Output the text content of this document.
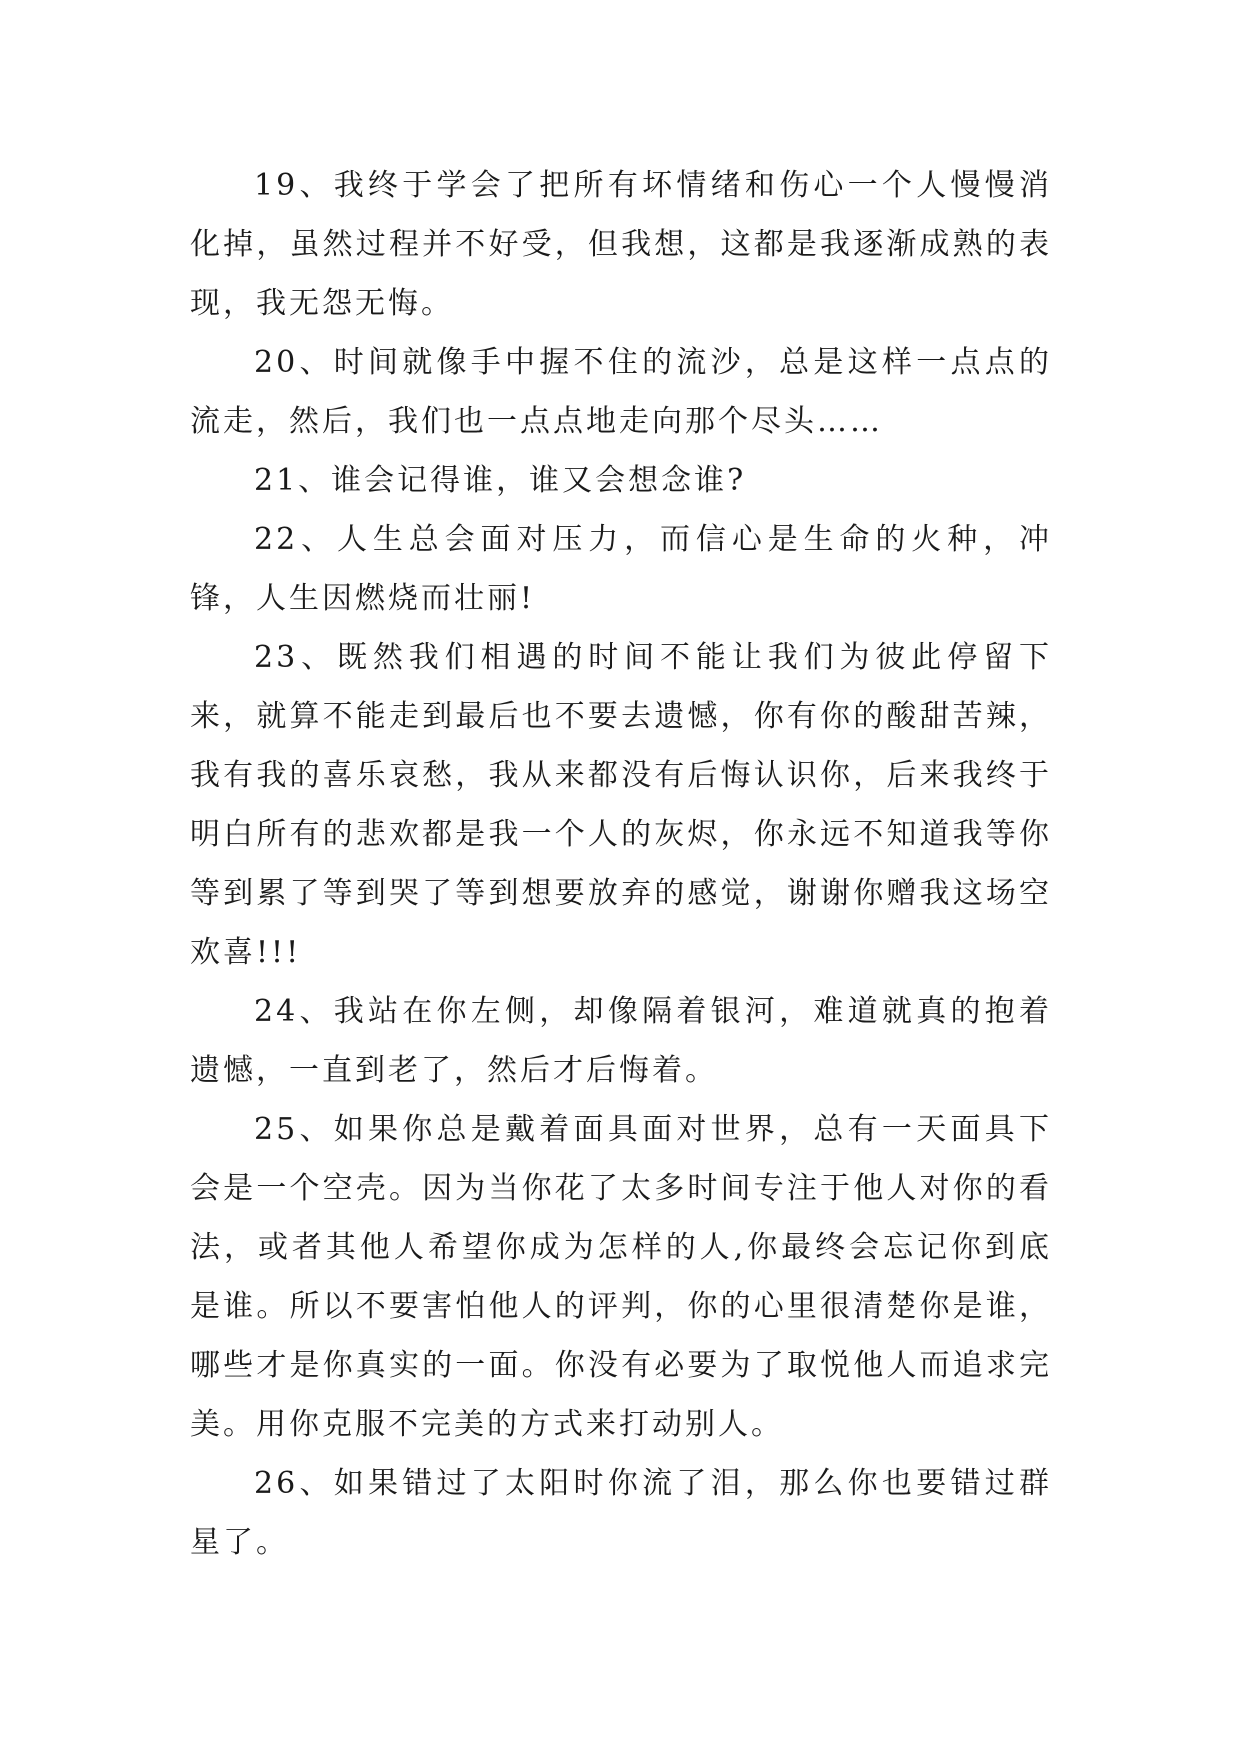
19、我终于学会了把所有坏情绪和伤心一个人慢慢消化掉，虽然过程并不好受，但我想，这都是我逐渐成熟的表现，我无怨无悔。

20、时间就像手中握不住的流沙，总是这样一点点的流走，然后，我们也一点点地走向那个尽头……

21、谁会记得谁，谁又会想念谁?

22、人生总会面对压力，而信心是生命的火种，冲锋，人生因燃烧而壮丽!

23、既然我们相遇的时间不能让我们为彼此停留下来，就算不能走到最后也不要去遗憾，你有你的酸甜苦辣，我有我的喜乐哀愁，我从来都没有后悔认识你，后来我终于明白所有的悲欢都是我一个人的灰烬，你永远不知道我等你等到累了等到哭了等到想要放弃的感觉，谢谢你赠我这场空欢喜!!!

24、我站在你左侧，却像隔着银河，难道就真的抱着遗憾，一直到老了，然后才后悔着。

25、如果你总是戴着面具面对世界，总有一天面具下会是一个空壳。因为当你花了太多时间专注于他人对你的看法，或者其他人希望你成为怎样的人,你最终会忘记你到底是谁。所以不要害怕他人的评判，你的心里很清楚你是谁，哪些才是你真实的一面。你没有必要为了取悦他人而追求完美。用你克服不完美的方式来打动别人。

26、如果错过了太阳时你流了泪，那么你也要错过群星了。
